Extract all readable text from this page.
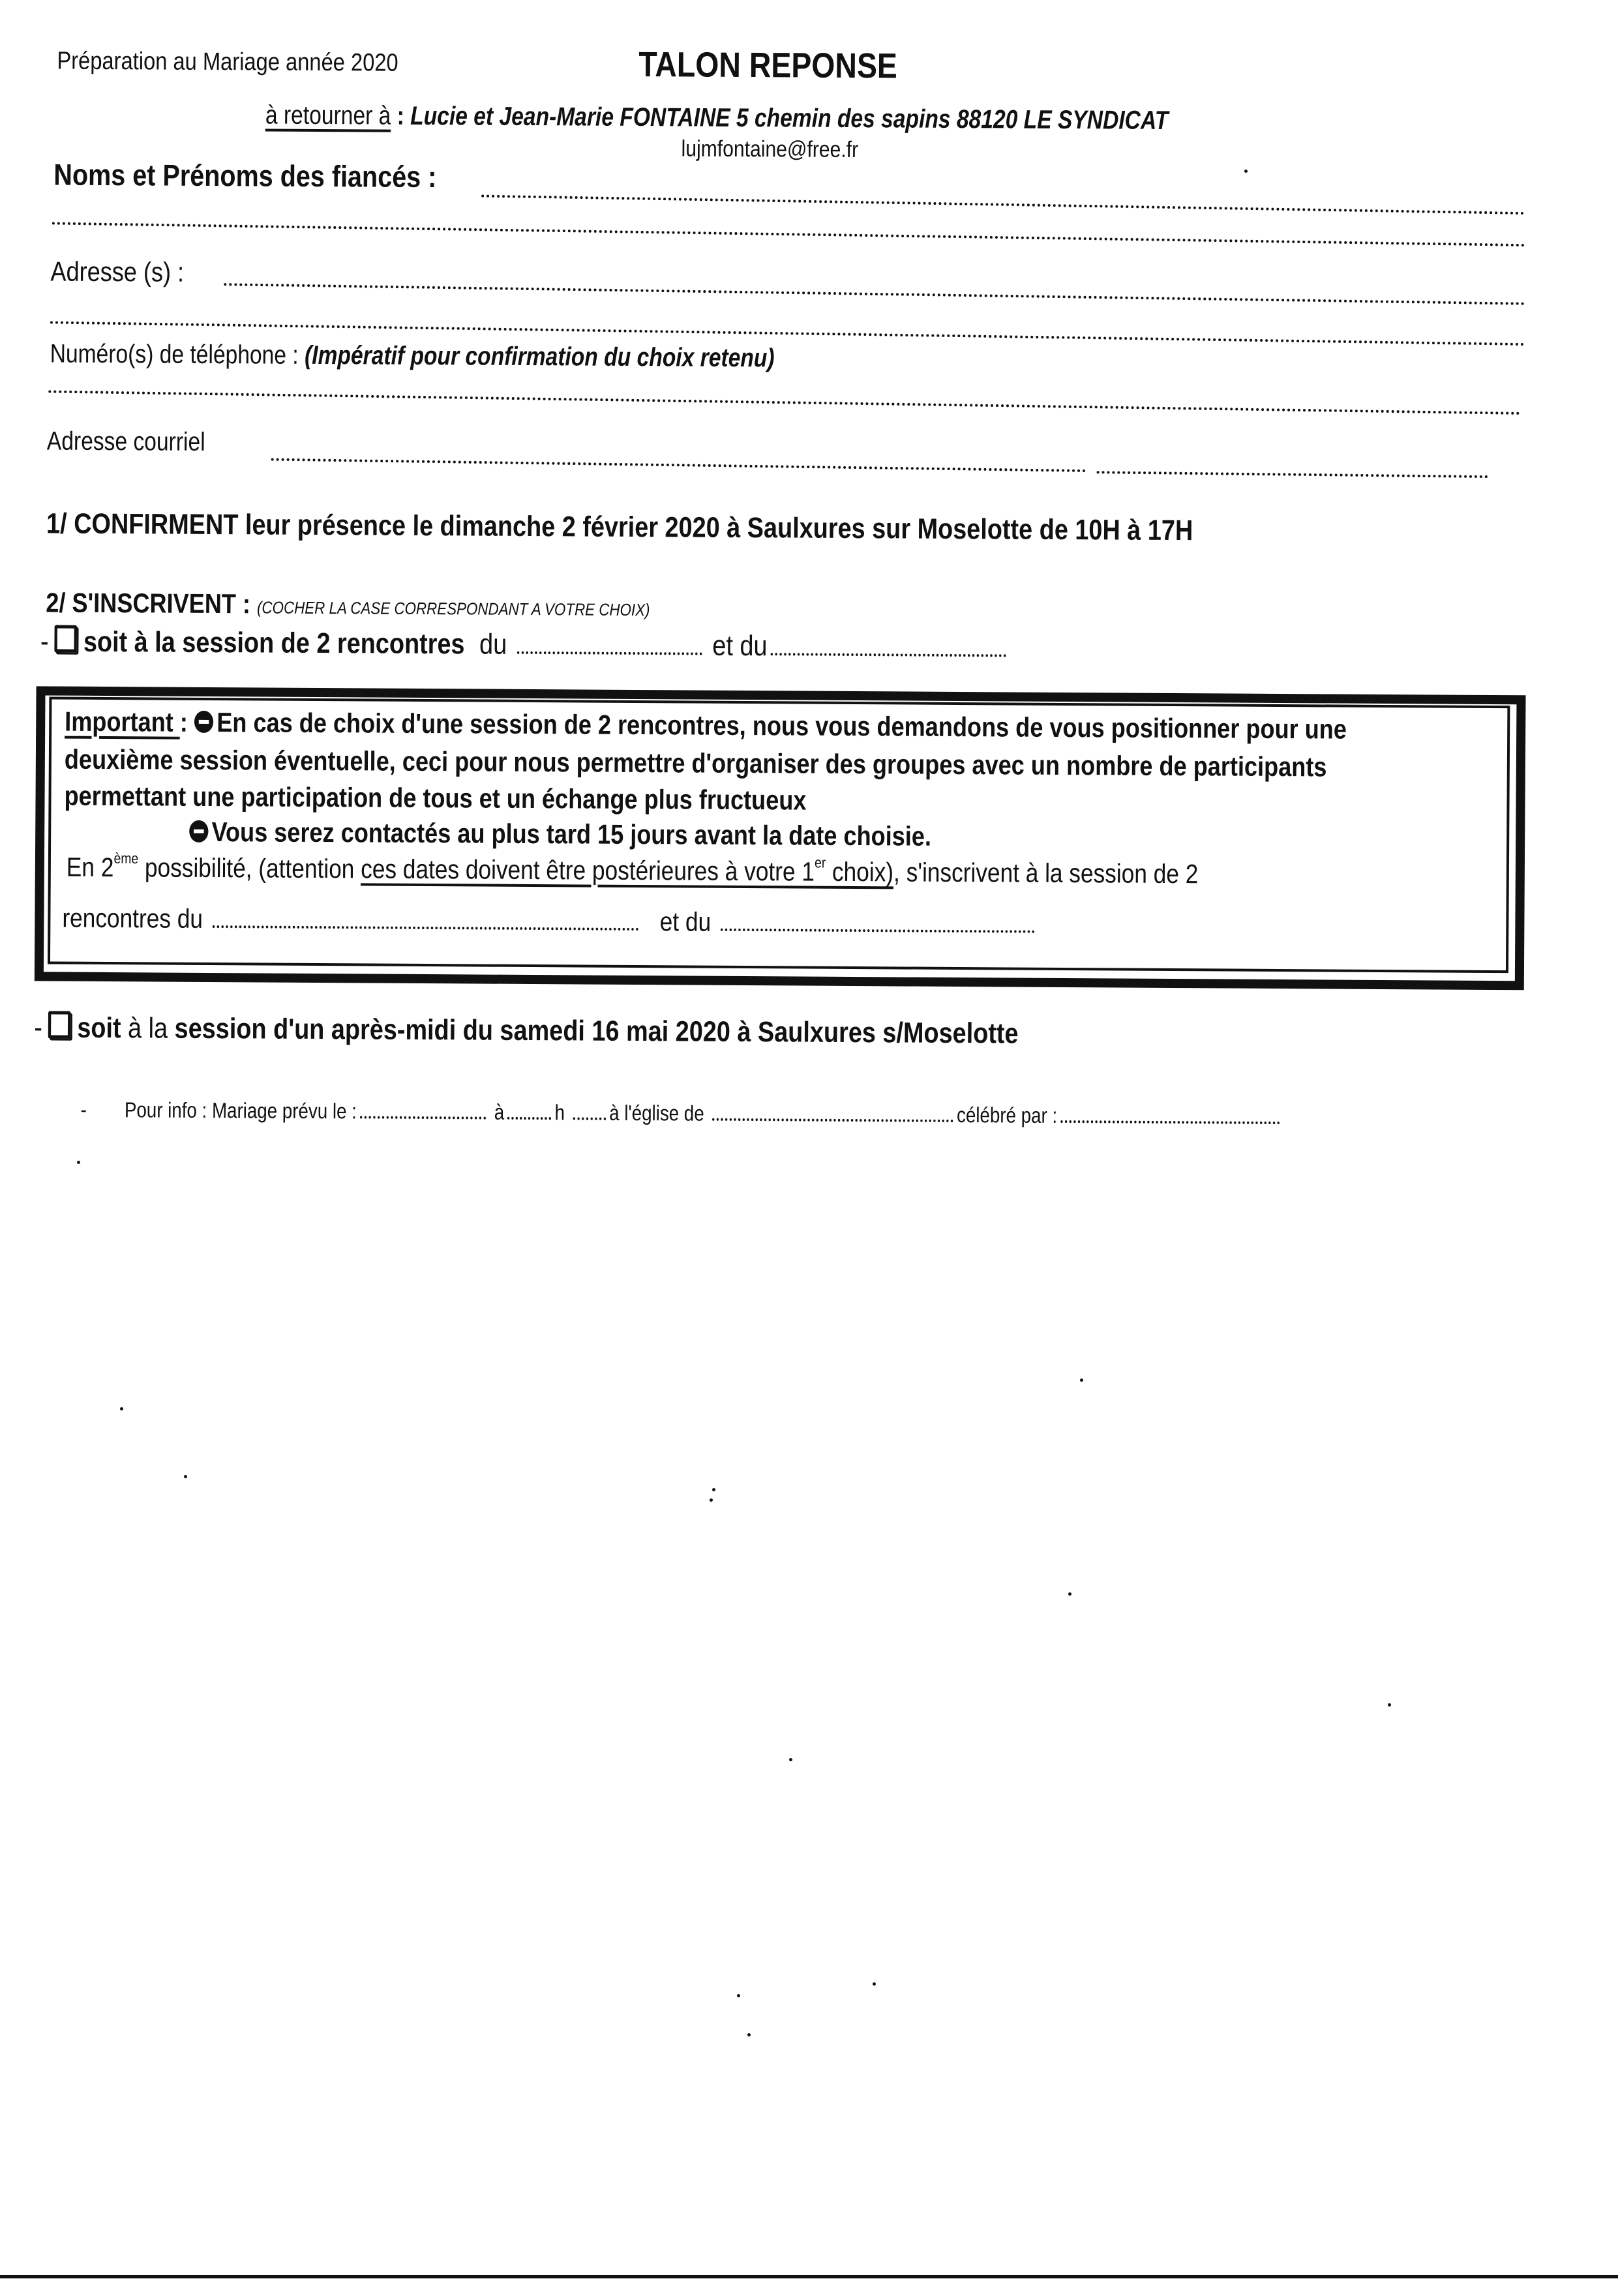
Préparation au Mariage année 2020	TALON REPONSE
à retourner à : Lucie et Jean-Marie FONTAINE 5 chemin des sapins 88120 LE SYNDICAT
lujmfontaine@free.fr
Noms et Prénoms des fiancés :
Adresse (s) :
Numéro(s) de téléphone : (Impératif pour confirmation du choix retenu)
Adresse courriel
1/ CONFIRMENT leur présence le dimanche 2 février 2020 à Saulxures sur Moselotte de 10H à 17H
2/ S'INSCRIVENT : (COCHER LA CASE CORRESPONDANT A VOTRE CHOIX)
- soit à la session de 2 rencontres du	et du
Important : En cas de choix d'une session de 2 rencontres, nous vous demandons de vous positionner pour une
deuxième session éventuelle, ceci pour nous permettre d'organiser des groupes avec un nombre de participants
permettant une participation de tous et un échange plus fructueux
Vous serez contactés au plus tard 15 jours avant la date choisie.
En 2ème possibilité, (attention ces dates doivent être postérieures à votre 1er choix), s'inscrivent à la session de 2
rencontres du	et du
- soit à la session d'un après-midi du samedi 16 mai 2020 à Saulxures s/Moselotte
- Pour info : Mariage prévu le :	à h à l'église de	célébré par :
